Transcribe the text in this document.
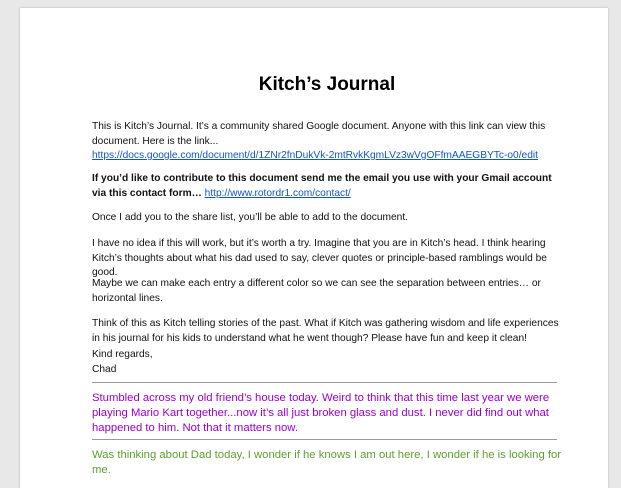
Kitch’s Journal

This is Kitch’s Journal. It’s a community shared Google document. Anyone with this link can view this document. Here is the link...
https://docs.google.com/document/d/1ZNr2fnDukVk-2mtRvkKgmLVz3wVgOFfmAAEGBYTc-o0/edit

If you’d like to contribute to this document send me the email you use with your Gmail account via this contact form… http://www.rotordr1.com/contact/

Once I add you to the share list, you’ll be able to add to the document.

I have no idea if this will work, but it’s worth a try. Imagine that you are in Kitch’s head. I think hearing Kitch’s thoughts about what his dad used to say, clever quotes or principle-based ramblings would be good.

Maybe we can make each entry a different color so we can see the separation between entries… or horizontal lines.

Think of this as Kitch telling stories of the past. What if Kitch was gathering wisdom and life experiences in his journal for his kids to understand what he went though? Please have fun and keep it clean!

Kind regards,
Chad

Stumbled across my old friend’s house today. Weird to think that this time last year we were playing Mario Kart together...now it’s all just broken glass and dust. I never did find out what happened to him. Not that it matters now.
Was thinking about Dad today, I wonder if he knows I am out here, I wonder if he is looking for me.
